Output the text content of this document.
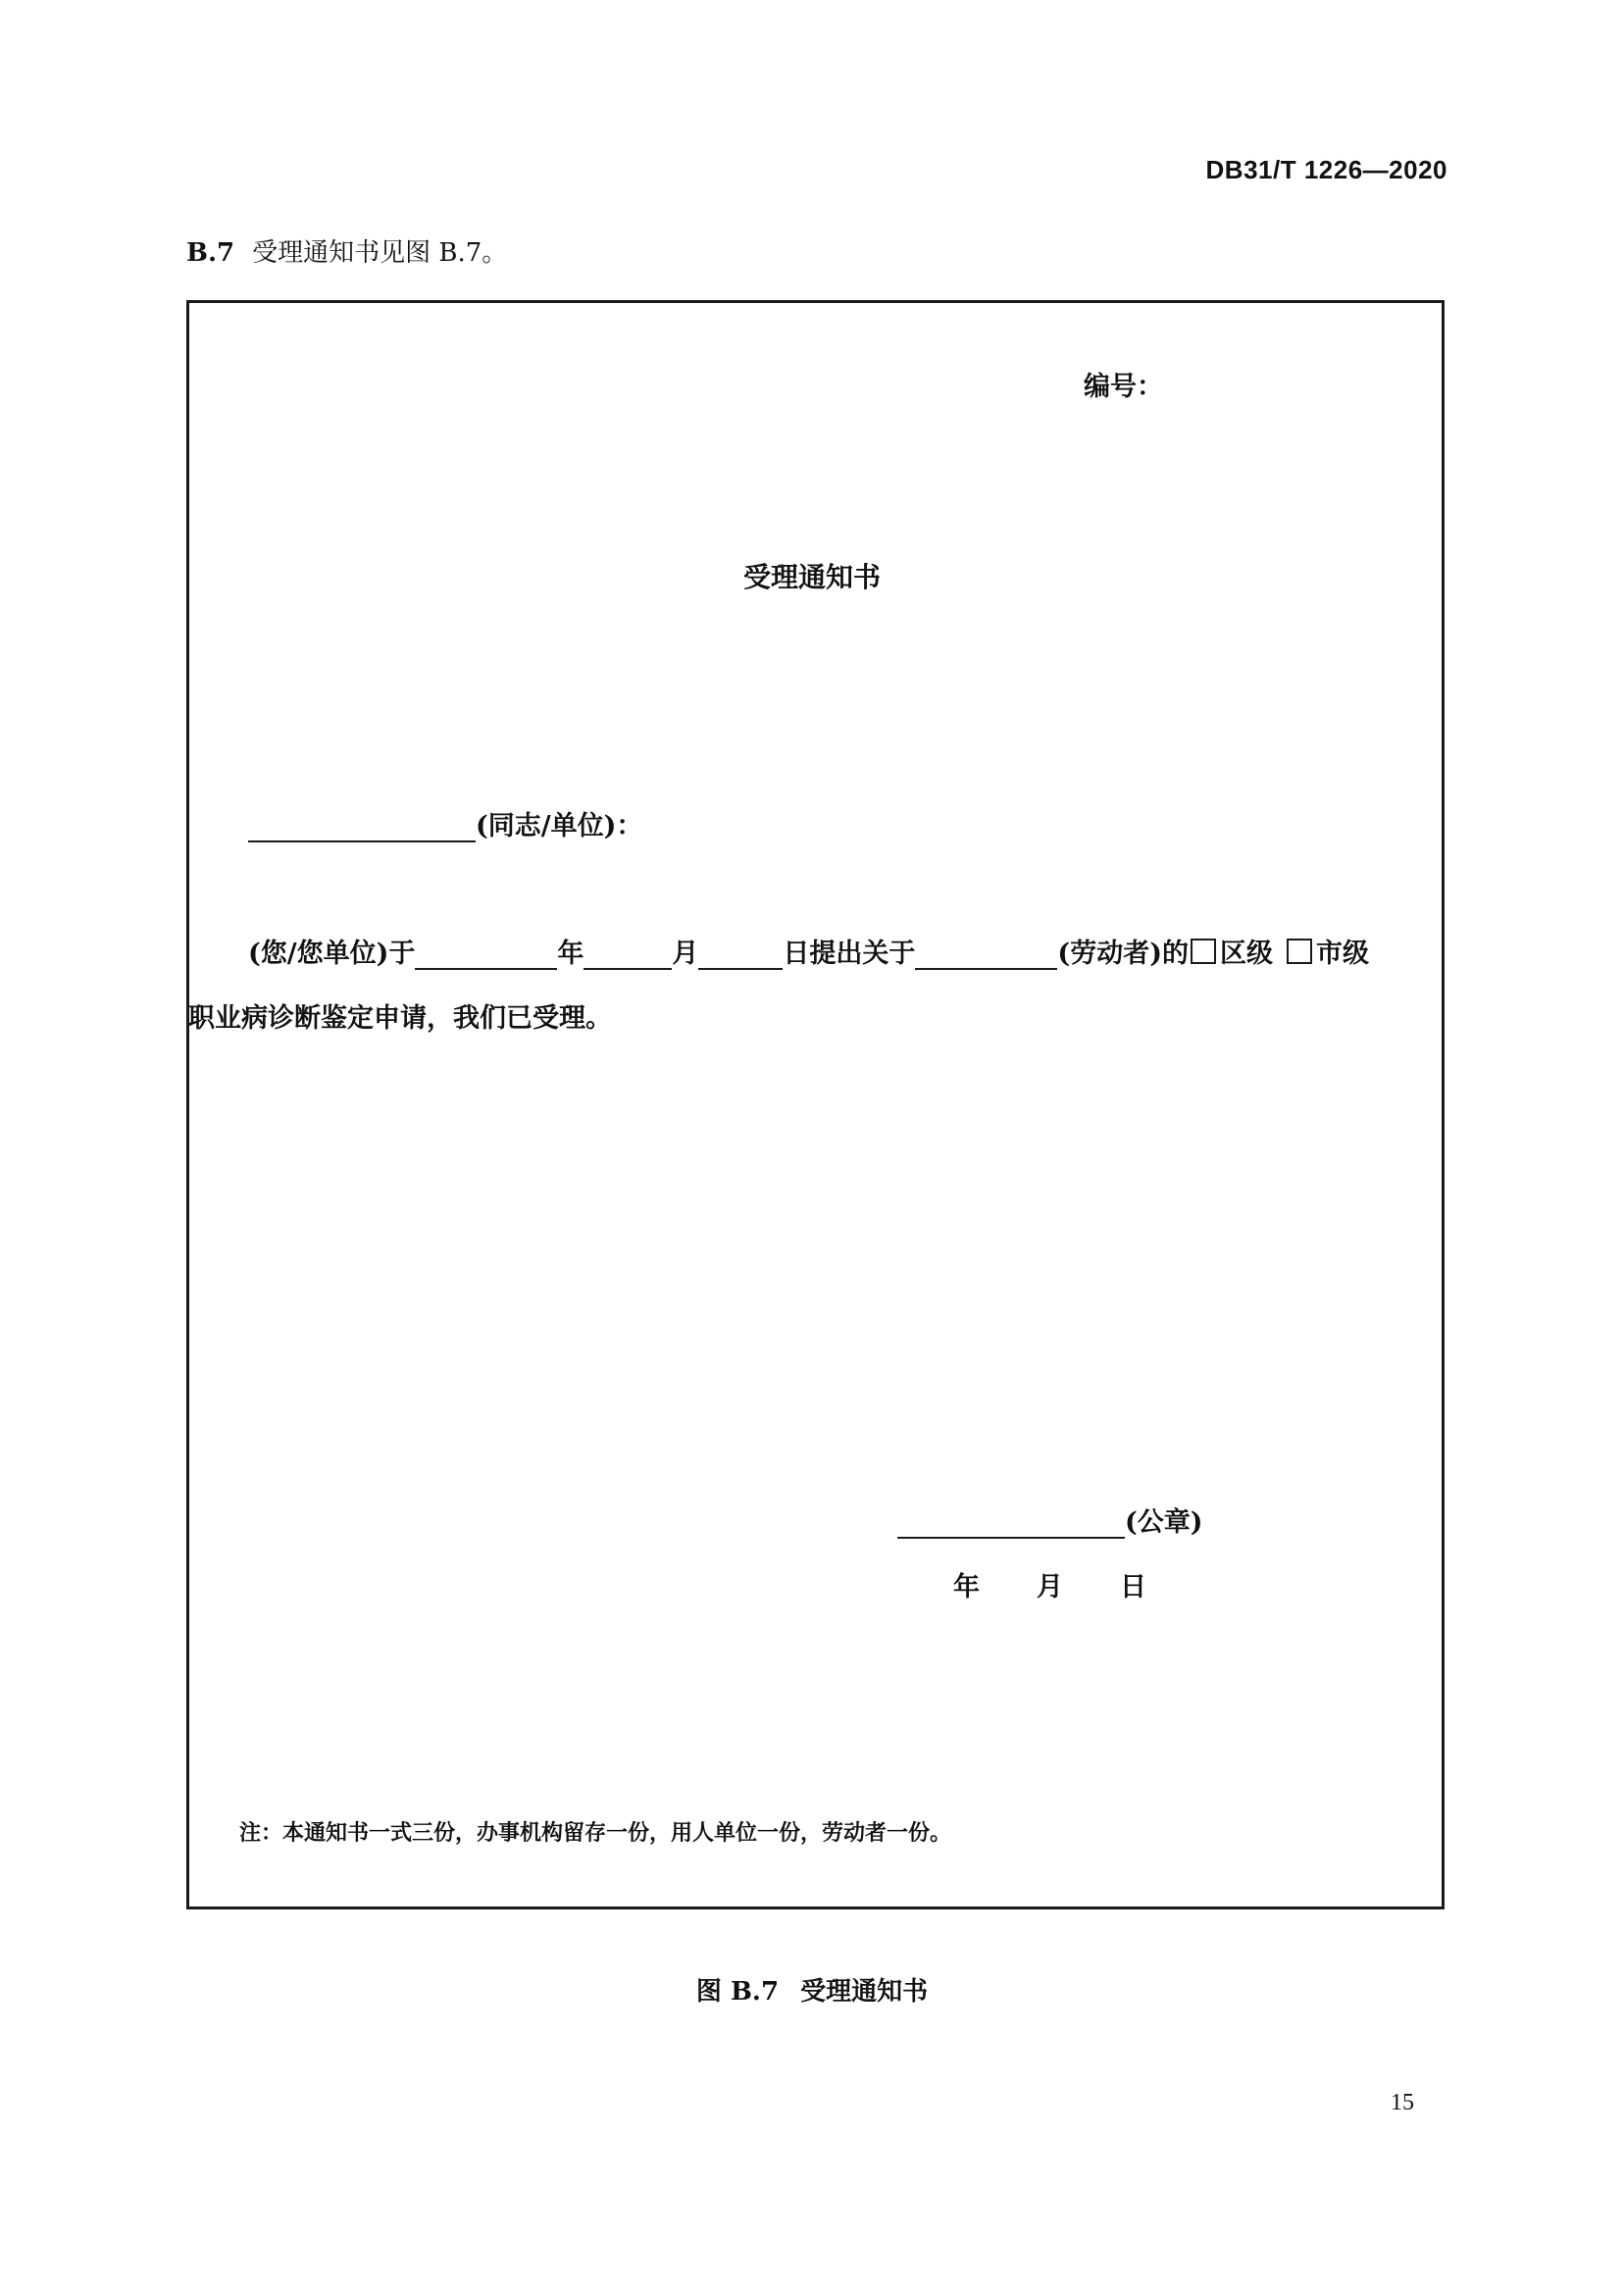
DB31/T 1226—2020
B.7 受理通知书见图 B.7。
编号：
受理通知书
(同志/单位)：
(您/您单位)于	年	月	日提出关于	(劳动者)的 区级 市级
职业病诊断鉴定申请，我们已受理。
(公章)
年 月 日
注：本通知书一式三份，办事机构留存一份，用人单位一份，劳动者一份。
图 B.7 受理通知书
15
